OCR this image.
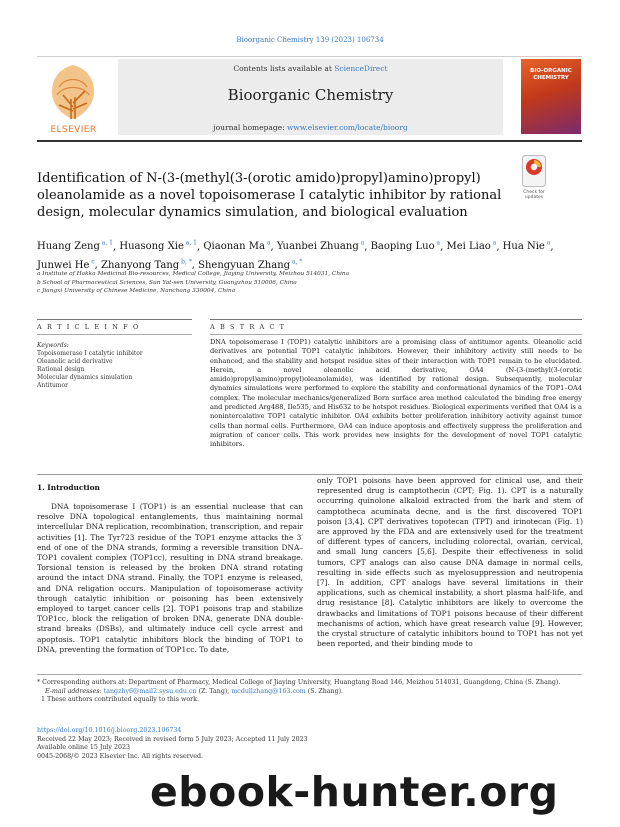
Bioorganic Chemistry 139 (2023) 106734
ELSEVIER
Contents lists available at ScienceDirect
Bioorganic Chemistry
journal homepage: www.elsevier.com/locate/bioorg
BIO-ORGANIC
CHEMISTRY
Identification of N-(3-(methyl(3-(orotic amido)propyl)amino)propyl) oleanolamide as a novel topoisomerase I catalytic inhibitor by rational design, molecular dynamics simulation, and biological evaluation
Check for
updates
Huang Zeng $^{a, 1}$, Huasong Xie $^{a, 1}$, Qiaonan Ma $^a$, Yuanbei Zhuang $^a$, Baoping Luo $^a$, Mei Liao $^a$, Hua Nie $^a$, Junwei He $^c$, Zhanyong Tang $^{b, *}$, Shengyuan Zhang $^{a, *}$
a Institute of Hakka Medicinal Bio-resources, Medical College, Jiaying University, Meizhou 514031, China
b School of Pharmaceutical Sciences, Sun Yat-sen University, Guangzhou 510006, China
c Jiangxi University of Chinese Medicine, Nanchang 330004, China
A R T I C L E I N F O	A B S T R A C T
Keywords:
Topoisomerase I catalytic inhibitor
Oleanolic acid derivative
Rational design
Molecular dynamics simulation
Antitumor
DNA topoisomerase I (TOP1) catalytic inhibitors are a promising class of antitumor agents. Oleanolic acid derivatives are potential TOP1 catalytic inhibitors. However, their inhibitory activity still needs to be enhanced, and the stability and hotspot residue sites of their interaction with TOP1 remain to be elucidated. Herein, a novel oleanolic acid derivative, OA4 (N-(3-(methyl(3-(orotic amido)propyl)amino)propyl)oleanolamide), was identified by rational design. Subsequently, molecular dynamics simulations were performed to explore the stability and conformational dynamics of the TOP1–OA4 complex. The molecular mechanics/generalized Born surface area method calculated the binding free energy and predicted Arg488, Ile535, and His632 to be hotspot residues. Biological experiments verified that OA4 is a nonintercalative TOP1 catalytic inhibitor. OA4 exhibits better proliferation inhibitory activity against tumor cells than normal cells. Furthermore, OA4 can induce apoptosis and effectively suppress the proliferation and migration of cancer cells. This work provides new insights for the development of novel TOP1 catalytic inhibitors.
1. Introduction
DNA topoisomerase I (TOP1) is an essential nuclease that can resolve DNA topological entanglements, thus maintaining normal intercellular DNA replication, recombination, transcription, and repair activities [1]. The Tyr723 residue of the TOP1 enzyme attacks the 3′ end of one of the DNA strands, forming a reversible transition DNA–TOP1 covalent complex (TOP1cc), resulting in DNA strand breakage. Torsional tension is released by the broken DNA strand rotating around the intact DNA strand. Finally, the TOP1 enzyme is released, and DNA religation occurs. Manipulation of topoisomerase activity through catalytic inhibition or poisoning has been extensively employed to target cancer cells [2]. TOP1 poisons trap and stabilize TOP1cc, block the religation of broken DNA, generate DNA double-strand breaks (DSBs), and ultimately induce cell cycle arrest and apoptosis. TOP1 catalytic inhibitors block the binding of TOP1 to DNA, preventing the formation of TOP1cc. To date,
only TOP1 poisons have been approved for clinical use, and their represented drug is camptothecin (CPT; Fig. 1). CPT is a naturally occurring quinolone alkaloid extracted from the bark and stem of camptotheca acuminata decne, and is the first discovered TOP1 poison [3,4]. CPT derivatives topotecan (TPT) and irinotecan (Fig. 1) are approved by the FDA and are extensively used for the treatment of different types of cancers, including colorectal, ovarian, cervical, and small lung cancers [5,6]. Despite their effectiveness in solid tumors, CPT analogs can also cause DNA damage in normal cells, resulting in side effects such as myelosuppression and neutropenia [7]. In addition, CPT analogs have several limitations in their applications, such as chemical instability, a short plasma half-life, and drug resistance [8]. Catalytic inhibitors are likely to overcome the drawbacks and limitations of TOP1 poisons because of their different mechanisms of action, which have great research value [9]. However, the crystal structure of catalytic inhibitors bound to TOP1 has not yet been reported, and their binding mode to
* Corresponding authors at: Department of Pharmacy, Medical College of Jiaying University, Huangtang Road 146, Meizhou 514031, Guangdong, China (S. Zhang).
E-mail addresses: tangzhy6@mail2.sysu.edu.cn (Z. Tang), mcdullzhang@163.com (S. Zhang).
1 These authors contributed equally to this work.
https://doi.org/10.1016/j.bioorg.2023.106734
Received 22 May 2023; Received in revised form 5 July 2023; Accepted 11 July 2023
Available online 15 July 2023
0045-2068/© 2023 Elsevier Inc. All rights reserved.
ebook-hunter.org
